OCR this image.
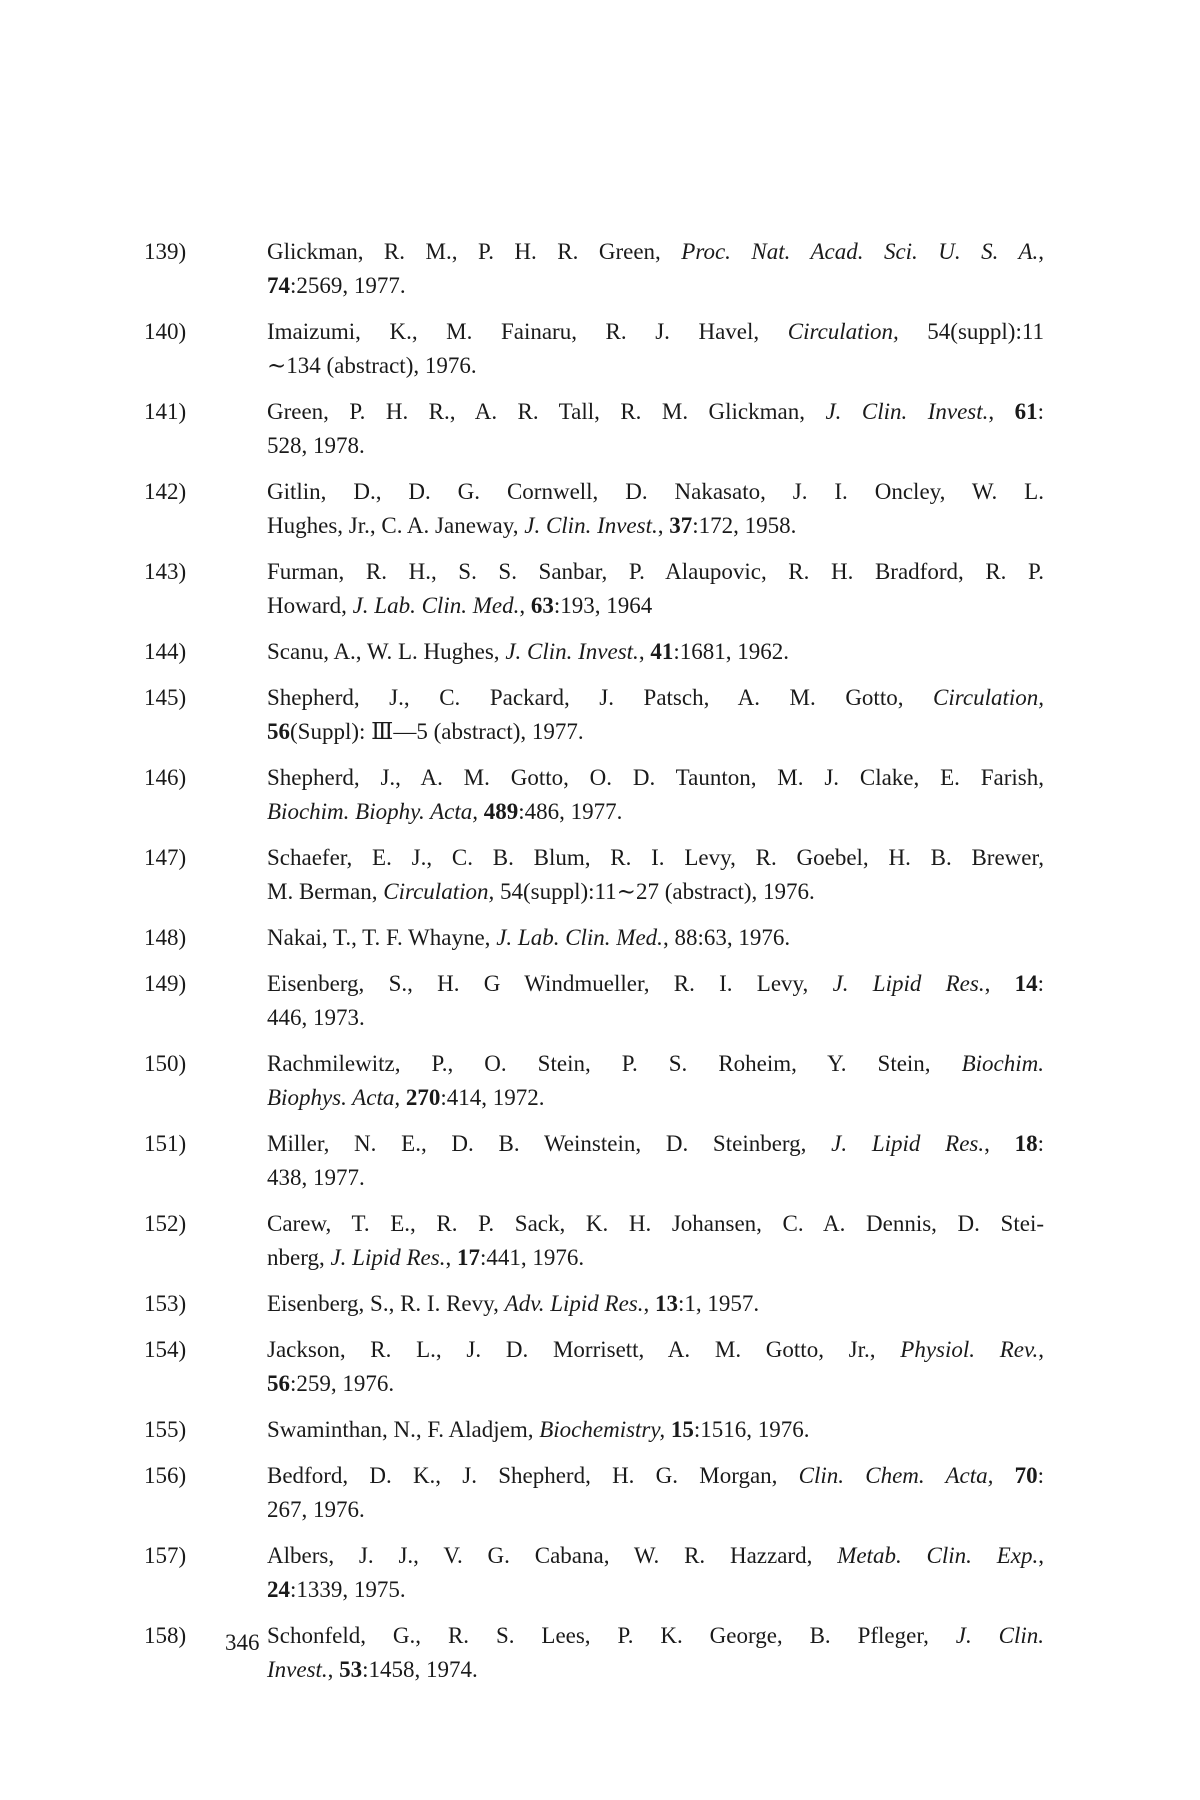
139)	Glickman, R. M., P. H. R. Green, Proc. Nat. Acad. Sci. U. S. A.,
74:2569, 1977.
140)	Imaizumi, K., M. Fainaru, R. J. Havel, Circulation, 54(suppl):11
∼134 (abstract), 1976.
141)	Green, P. H. R., A. R. Tall, R. M. Glickman, J. Clin. Invest., 61:
528, 1978.
142)	Gitlin, D., D. G. Cornwell, D. Nakasato, J. I. Oncley, W. L.
Hughes, Jr., C. A. Janeway, J. Clin. Invest., 37:172, 1958.
143)	Furman, R. H., S. S. Sanbar, P. Alaupovic, R. H. Bradford, R. P.
Howard, J. Lab. Clin. Med., 63:193, 1964
144)	Scanu, A., W. L. Hughes, J. Clin. Invest., 41:1681, 1962.
145)	Shepherd, J., C. Packard, J. Patsch, A. M. Gotto, Circulation,
56(Suppl): Ⅲ—5 (abstract), 1977.
146)	Shepherd, J., A. M. Gotto, O. D. Taunton, M. J. Clake, E. Farish,
Biochim. Biophy. Acta, 489:486, 1977.
147)	Schaefer, E. J., C. B. Blum, R. I. Levy, R. Goebel, H. B. Brewer,
M. Berman, Circulation, 54(suppl):11∼27 (abstract), 1976.
148)	Nakai, T., T. F. Whayne, J. Lab. Clin. Med., 88:63, 1976.
149)	Eisenberg, S., H. G Windmueller, R. I. Levy, J. Lipid Res., 14:
446, 1973.
150)	Rachmilewitz, P., O. Stein, P. S. Roheim, Y. Stein, Biochim.
Biophys. Acta, 270:414, 1972.
151)	Miller, N. E., D. B. Weinstein, D. Steinberg, J. Lipid Res., 18:
438, 1977.
152)	Carew, T. E., R. P. Sack, K. H. Johansen, C. A. Dennis, D. Stei-
nberg, J. Lipid Res., 17:441, 1976.
153)	Eisenberg, S., R. I. Revy, Adv. Lipid Res., 13:1, 1957.
154)	Jackson, R. L., J. D. Morrisett, A. M. Gotto, Jr., Physiol. Rev.,
56:259, 1976.
155)	Swaminthan, N., F. Aladjem, Biochemistry, 15:1516, 1976.
156)	Bedford, D. K., J. Shepherd, H. G. Morgan, Clin. Chem. Acta, 70:
267, 1976.
157)	Albers, J. J., V. G. Cabana, W. R. Hazzard, Metab. Clin. Exp.,
24:1339, 1975.
158)	Schonfeld, G., R. S. Lees, P. K. George, B. Pfleger, J. Clin.
Invest., 53:1458, 1974.
346
